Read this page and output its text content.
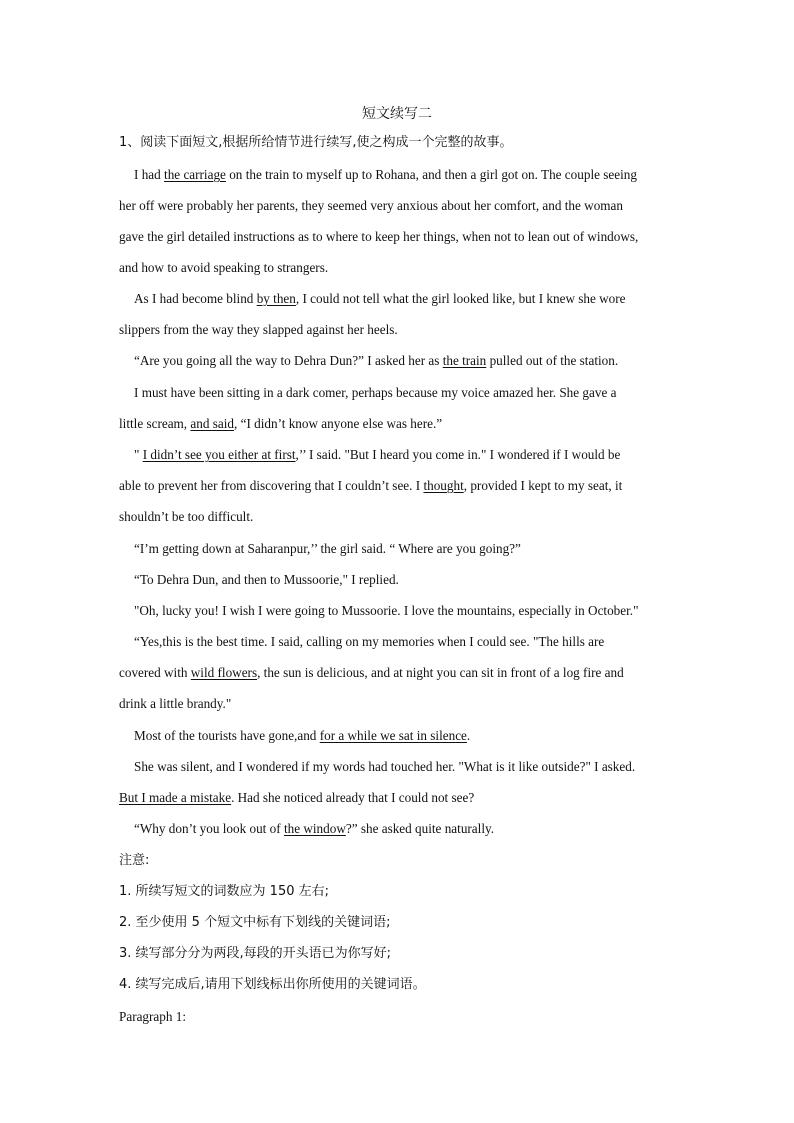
短文续写二
1、阅读下面短文,根据所给情节进行续写,使之构成一个完整的故事。
I had the carriage on the train to myself up to Rohana, and then a girl got on. The couple seeing
her off were probably her parents, they seemed very anxious about her comfort, and the woman
gave the girl detailed instructions as to where to keep her things, when not to lean out of windows,
and how to avoid speaking to strangers.
As I had become blind by then, I could not tell what the girl looked like, but I knew she wore
slippers from the way they slapped against her heels.
“Are you going all the way to Dehra Dun?” I asked her as the train pulled out of the station.
I must have been sitting in a dark comer, perhaps because my voice amazed her. She gave a
little scream, and said, “I didn’t know anyone else was here.”
" I didn’t see you either at first,’’ I said. "But I heard you come in." I wondered if I would be
able to prevent her from discovering that I couldn’t see. I thought, provided I kept to my seat, it
shouldn’t be too difficult.
“I’m getting down at Saharanpur,’’ the girl said. “ Where are you going?”
“To Dehra Dun, and then to Mussoorie," I replied.
"Oh, lucky you! I wish I were going to Mussoorie. I love the mountains, especially in October."
“Yes,this is the best time. I said, calling on my memories when I could see. "The hills are
covered with wild flowers, the sun is delicious, and at night you can sit in front of a log fire and
drink a little brandy."
Most of the tourists have gone,and for a while we sat in silence.
She was silent, and I wondered if my words had touched her. "What is it like outside?" I asked.
But I made a mistake. Had she noticed already that I could not see?
“Why don’t you look out of the window?” she asked quite naturally.
注意:
1. 所续写短文的词数应为 150 左右;
2. 至少使用 5 个短文中标有下划线的关键词语;
3. 续写部分分为两段,每段的开头语已为你写好;
4. 续写完成后,请用下划线标出你所使用的关键词语。
Paragraph 1:
